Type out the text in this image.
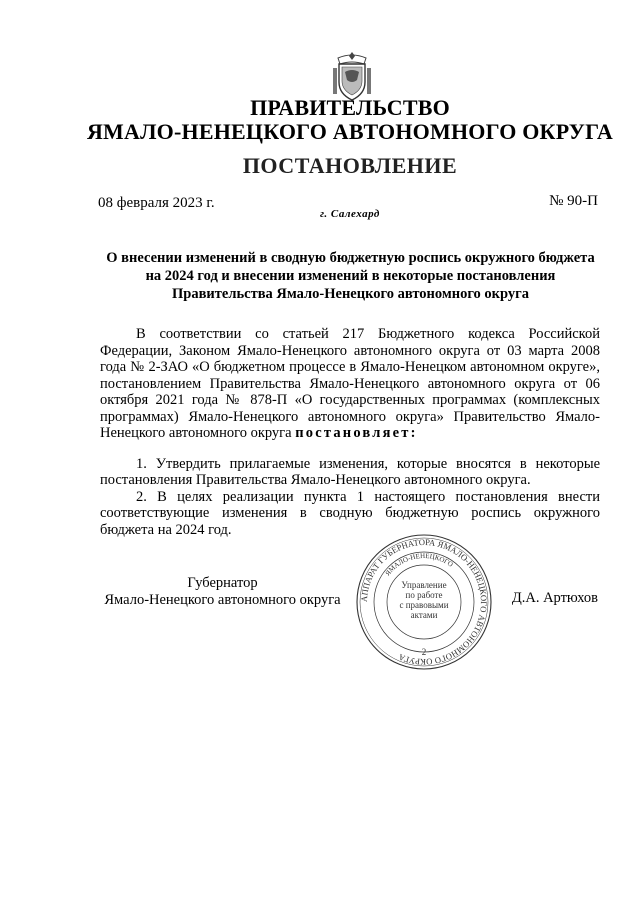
ПРАВИТЕЛЬСТВО
ЯМАЛО-НЕНЕЦКОГО АВТОНОМНОГО ОКРУГА
ПОСТАНОВЛЕНИЕ
08 февраля 2023 г.	№ 90-П
г. Салехард
О внесении изменений в сводную бюджетную роспись окружного бюджета
на 2024 год и внесении изменений в некоторые постановления
Правительства Ямало-Ненецкого автономного округа

В соответствии со статьей 217 Бюджетного кодекса Российской Федерации, Законом Ямало-Ненецкого автономного округа от 03 марта 2008 года № 2-ЗАО «О бюджетном процессе в Ямало-Ненецком автономном округе», постановлением Правительства Ямало-Ненецкого автономного округа от 06 октября 2021 года № 878-П «О государственных программах (комплексных программах) Ямало-Ненецкого автономного округа» Правительство Ямало-Ненецкого автономного округа постановляет:

1. Утвердить прилагаемые изменения, которые вносятся в некоторые постановления Правительства Ямало-Ненецкого автономного округа.

2. В целях реализации пункта 1 настоящего постановления внести соответствующие изменения в сводную бюджетную роспись окружного бюджета на 2024 год.

Губернатор
Ямало-Ненецкого автономного округа	АППАРАТ ГУБЕРНАТОРА ЯМАЛО-НЕНЕЦКОГО АВТОНОМНОГО ОКРУГА
ЯМАЛО-НЕНЕЦКОГО
Управление
по работе
с правовыми
актами
2
Д.А. Артюхов
